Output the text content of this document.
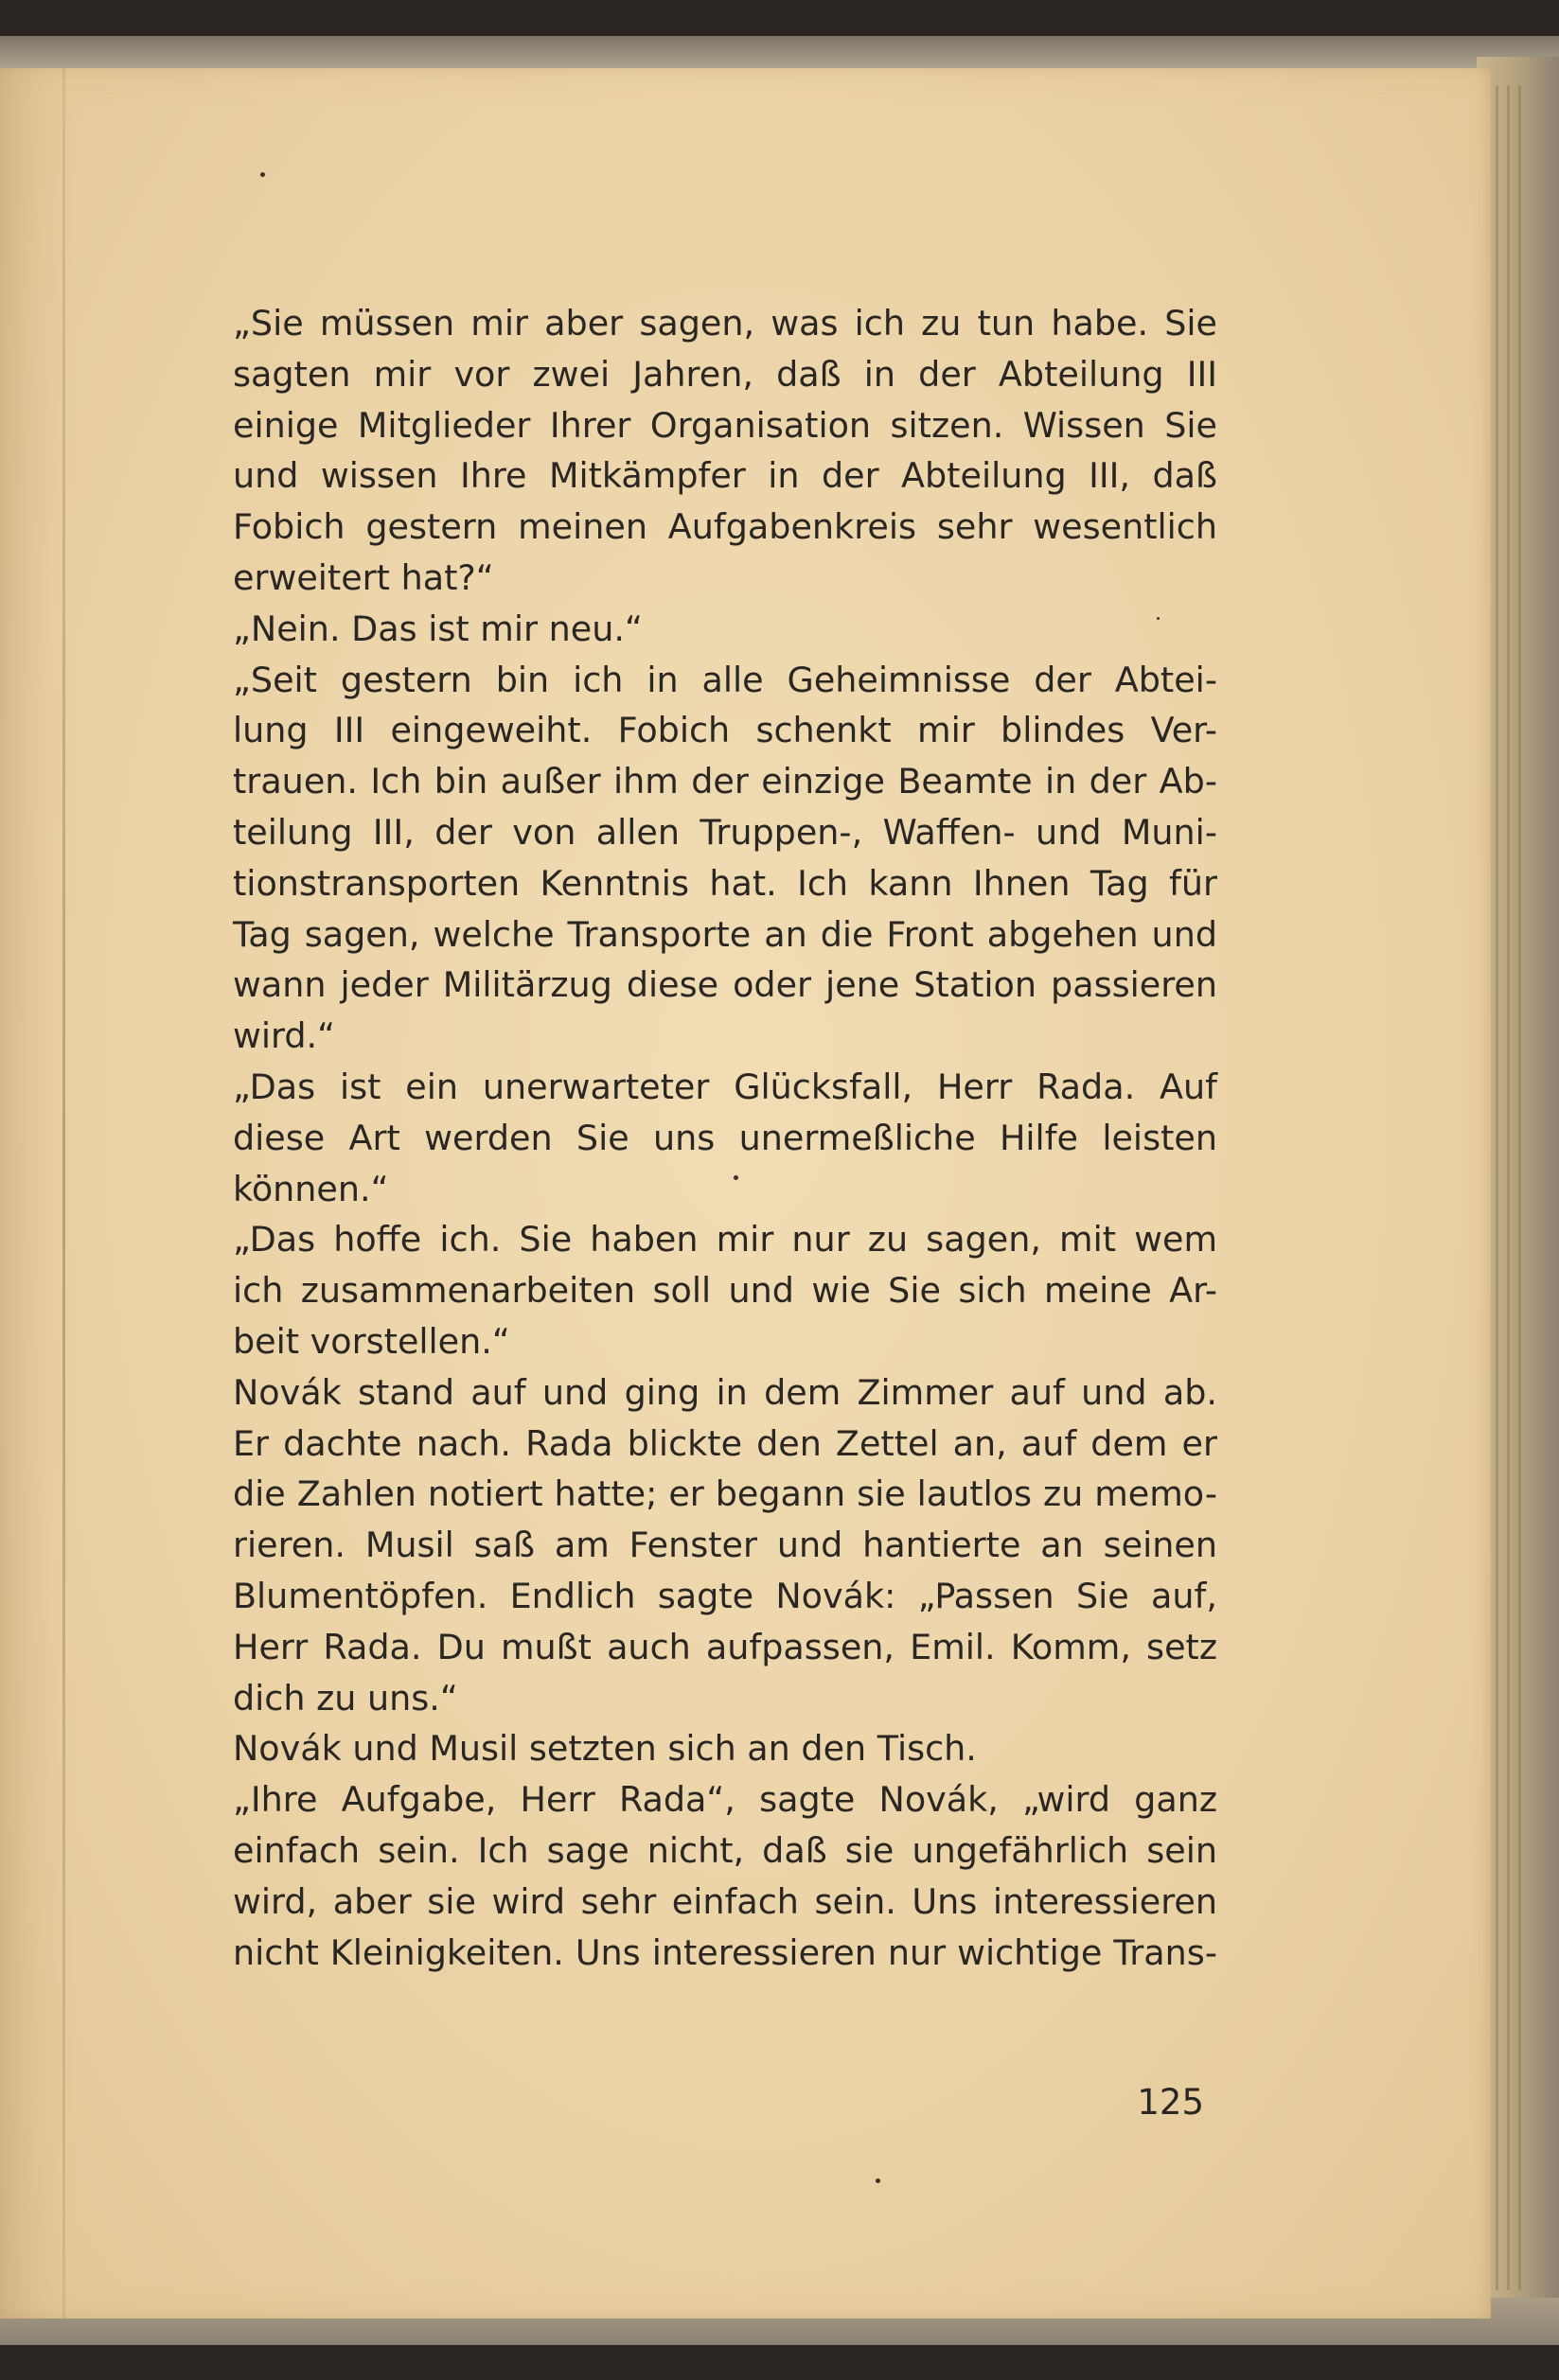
„Sie müssen mir aber sagen, was ich zu tun habe. Sie
sagten mir vor zwei Jahren, daß in der Abteilung III
einige Mitglieder Ihrer Organisation sitzen. Wissen Sie
und wissen Ihre Mitkämpfer in der Abteilung III, daß
Fobich gestern meinen Aufgabenkreis sehr wesentlich
erweitert hat?“
„Nein. Das ist mir neu.“
„Seit gestern bin ich in alle Geheimnisse der Abtei-
lung III eingeweiht. Fobich schenkt mir blindes Ver-
trauen. Ich bin außer ihm der einzige Beamte in der Ab-
teilung III, der von allen Truppen-, Waffen- und Muni-
tionstransporten Kenntnis hat. Ich kann Ihnen Tag für
Tag sagen, welche Transporte an die Front abgehen und
wann jeder Militärzug diese oder jene Station passieren
wird.“
„Das ist ein unerwarteter Glücksfall, Herr Rada. Auf
diese Art werden Sie uns unermeßliche Hilfe leisten
können.“
„Das hoffe ich. Sie haben mir nur zu sagen, mit wem
ich zusammenarbeiten soll und wie Sie sich meine Ar-
beit vorstellen.“
Novák stand auf und ging in dem Zimmer auf und ab.
Er dachte nach. Rada blickte den Zettel an, auf dem er
die Zahlen notiert hatte; er begann sie lautlos zu memo-
rieren. Musil saß am Fenster und hantierte an seinen
Blumentöpfen. Endlich sagte Novák: „Passen Sie auf,
Herr Rada. Du mußt auch aufpassen, Emil. Komm, setz
dich zu uns.“
Novák und Musil setzten sich an den Tisch.
„Ihre Aufgabe, Herr Rada“, sagte Novák, „wird ganz
einfach sein. Ich sage nicht, daß sie ungefährlich sein
wird, aber sie wird sehr einfach sein. Uns interessieren
nicht Kleinigkeiten. Uns interessieren nur wichtige Trans-
125
